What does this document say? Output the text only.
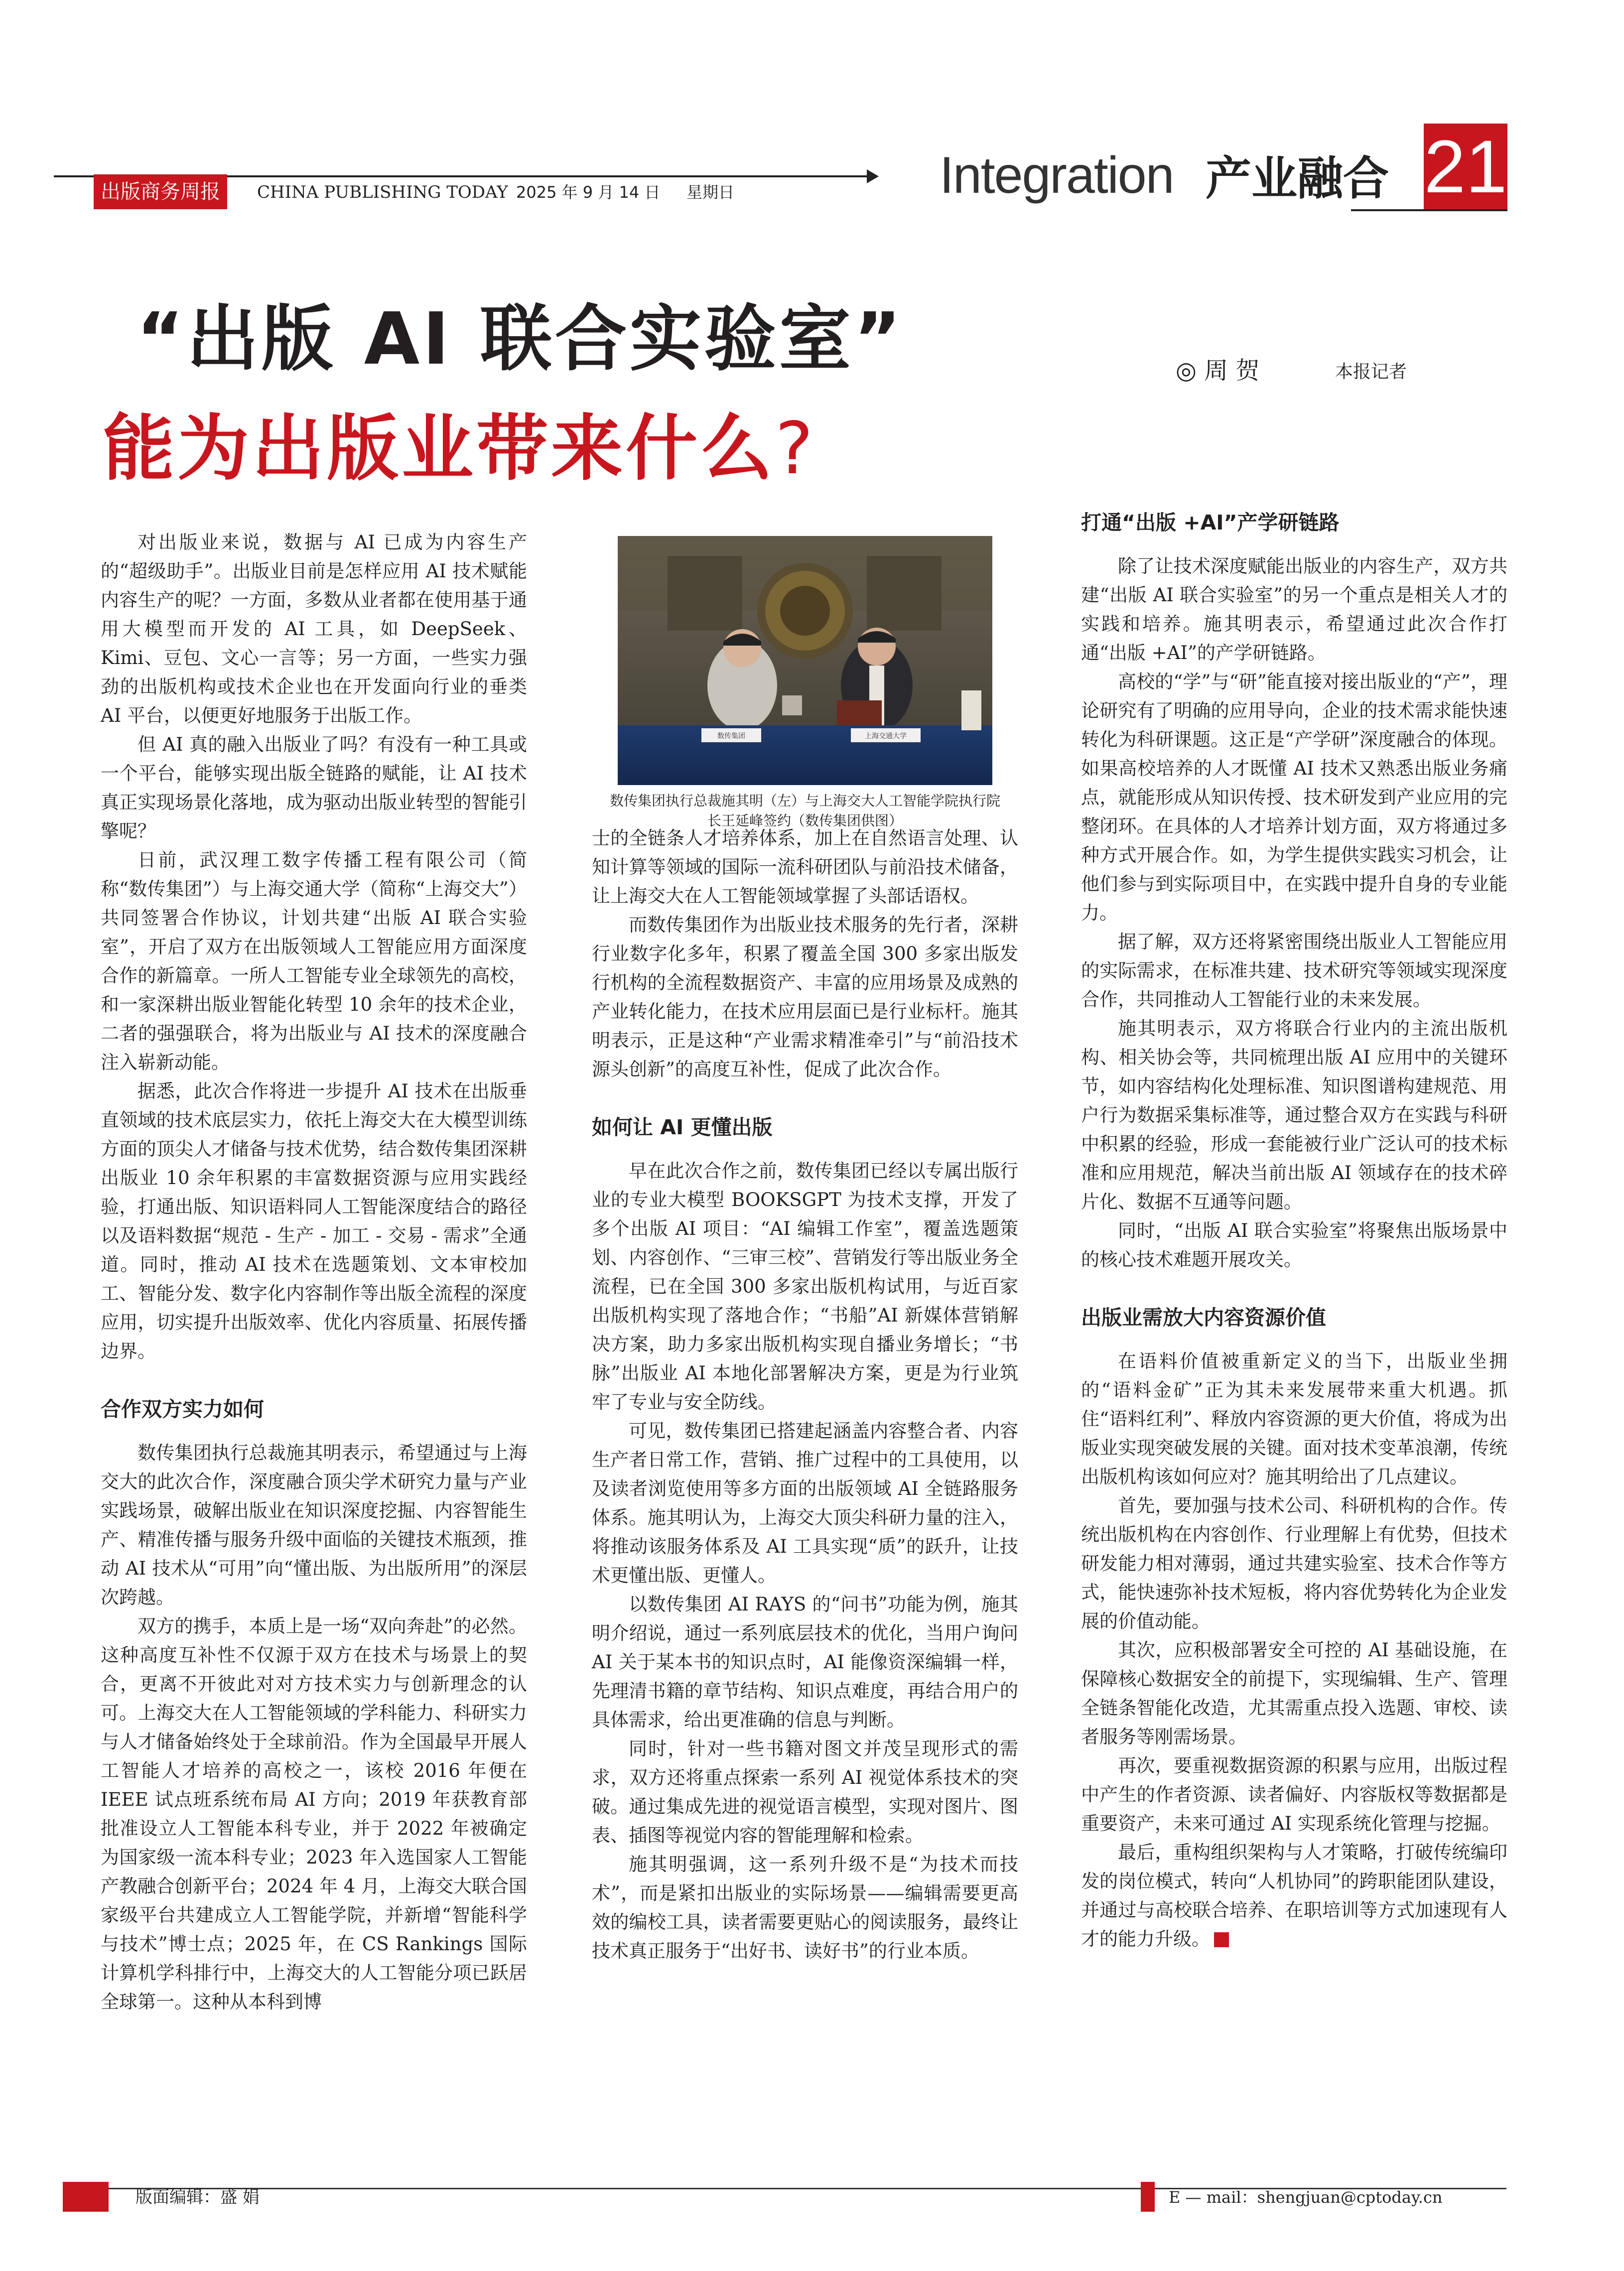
出版商务周报	CHINA PUBLISHING TODAY 2025 年 9 月 14 日 星期日	Integration 产业融合 21
“出版 AI 联合实验室”
能为出版业带来什么?
◎ 周 贺	本报记者

对出版业来说，数据与 AI 已成为内容生产的“超级助手”。出版业目前是怎样应用 AI 技术赋能内容生产的呢？一方面，多数从业者都在使用基于通用大模型而开发的 AI 工具，如 DeepSeek、Kimi、豆包、文心一言等；另一方面，一些实力强劲的出版机构或技术企业也在开发面向行业的垂类 AI 平台，以便更好地服务于出版工作。

但 AI 真的融入出版业了吗？有没有一种工具或一个平台，能够实现出版全链路的赋能，让 AI 技术真正实现场景化落地，成为驱动出版业转型的智能引擎呢？

日前，武汉理工数字传播工程有限公司（简称“数传集团”）与上海交通大学（简称“上海交大”）共同签署合作协议，计划共建“出版 AI 联合实验室”，开启了双方在出版领域人工智能应用方面深度合作的新篇章。一所人工智能专业全球领先的高校，和一家深耕出版业智能化转型 10 余年的技术企业，二者的强强联合，将为出版业与 AI 技术的深度融合注入崭新动能。

据悉，此次合作将进一步提升 AI 技术在出版垂直领域的技术底层实力，依托上海交大在大模型训练方面的顶尖人才储备与技术优势，结合数传集团深耕出版业 10 余年积累的丰富数据资源与应用实践经验，打通出版、知识语料同人工智能深度结合的路径以及语料数据“规范 - 生产 - 加工 - 交易 - 需求”全通道。同时，推动 AI 技术在选题策划、文本审校加工、智能分发、数字化内容制作等出版全流程的深度应用，切实提升出版效率、优化内容质量、拓展传播边界。

合作双方实力如何

数传集团执行总裁施其明表示，希望通过与上海交大的此次合作，深度融合顶尖学术研究力量与产业实践场景，破解出版业在知识深度挖掘、内容智能生产、精准传播与服务升级中面临的关键技术瓶颈，推动 AI 技术从“可用”向“懂出版、为出版所用”的深层次跨越。

双方的携手，本质上是一场“双向奔赴”的必然。这种高度互补性不仅源于双方在技术与场景上的契合，更离不开彼此对对方技术实力与创新理念的认可。上海交大在人工智能领域的学科能力、科研实力与人才储备始终处于全球前沿。作为全国最早开展人工智能人才培养的高校之一，该校 2016 年便在 IEEE 试点班系统布局 AI 方向；2019 年获教育部批准设立人工智能本科专业，并于 2022 年被确定为国家级一流本科专业；2023 年入选国家人工智能产教融合创新平台；2024 年 4 月，上海交大联合国家级平台共建成立人工智能学院，并新增“智能科学与技术”博士点；2025 年，在 CS Rankings 国际计算机学科排行中，上海交大的人工智能分项已跃居全球第一。这种从本科到博

数传集团	上海交通大学
数传集团执行总裁施其明（左）与上海交大人工智能学院执行院
长王延峰签约（数传集团供图）

士的全链条人才培养体系，加上在自然语言处理、认知计算等领域的国际一流科研团队与前沿技术储备，让上海交大在人工智能领域掌握了头部话语权。

而数传集团作为出版业技术服务的先行者，深耕行业数字化多年，积累了覆盖全国 300 多家出版发行机构的全流程数据资产、丰富的应用场景及成熟的产业转化能力，在技术应用层面已是行业标杆。施其明表示，正是这种“产业需求精准牵引”与“前沿技术源头创新”的高度互补性，促成了此次合作。

如何让 AI 更懂出版

早在此次合作之前，数传集团已经以专属出版行业的专业大模型 BOOKSGPT 为技术支撑，开发了多个出版 AI 项目：“AI 编辑工作室”，覆盖选题策划、内容创作、“三审三校”、营销发行等出版业务全流程，已在全国 300 多家出版机构试用，与近百家出版机构实现了落地合作；“书船”AI 新媒体营销解决方案，助力多家出版机构实现自播业务增长；“书脉”出版业 AI 本地化部署解决方案，更是为行业筑牢了专业与安全防线。

可见，数传集团已搭建起涵盖内容整合者、内容生产者日常工作，营销、推广过程中的工具使用，以及读者浏览使用等多方面的出版领域 AI 全链路服务体系。施其明认为，上海交大顶尖科研力量的注入，将推动该服务体系及 AI 工具实现“质”的跃升，让技术更懂出版、更懂人。

以数传集团 AI RAYS 的“问书”功能为例，施其明介绍说，通过一系列底层技术的优化，当用户询问 AI 关于某本书的知识点时，AI 能像资深编辑一样，先理清书籍的章节结构、知识点难度，再结合用户的具体需求，给出更准确的信息与判断。

同时，针对一些书籍对图文并茂呈现形式的需求，双方还将重点探索一系列 AI 视觉体系技术的突破。通过集成先进的视觉语言模型，实现对图片、图表、插图等视觉内容的智能理解和检索。

施其明强调，这一系列升级不是“为技术而技术”，而是紧扣出版业的实际场景——编辑需要更高效的编校工具，读者需要更贴心的阅读服务，最终让技术真正服务于“出好书、读好书”的行业本质。

打通“出版 +AI”产学研链路

除了让技术深度赋能出版业的内容生产，双方共建“出版 AI 联合实验室”的另一个重点是相关人才的实践和培养。施其明表示，希望通过此次合作打通“出版 +AI”的产学研链路。

高校的“学”与“研”能直接对接出版业的“产”，理论研究有了明确的应用导向，企业的技术需求能快速转化为科研课题。这正是“产学研”深度融合的体现。如果高校培养的人才既懂 AI 技术又熟悉出版业务痛点，就能形成从知识传授、技术研发到产业应用的完整闭环。在具体的人才培养计划方面，双方将通过多种方式开展合作。如，为学生提供实践实习机会，让他们参与到实际项目中，在实践中提升自身的专业能力。

据了解，双方还将紧密围绕出版业人工智能应用的实际需求，在标准共建、技术研究等领域实现深度合作，共同推动人工智能行业的未来发展。

施其明表示，双方将联合行业内的主流出版机构、相关协会等，共同梳理出版 AI 应用中的关键环节，如内容结构化处理标准、知识图谱构建规范、用户行为数据采集标准等，通过整合双方在实践与科研中积累的经验，形成一套能被行业广泛认可的技术标准和应用规范，解决当前出版 AI 领域存在的技术碎片化、数据不互通等问题。

同时，“出版 AI 联合实验室”将聚焦出版场景中的核心技术难题开展攻关。

出版业需放大内容资源价值

在语料价值被重新定义的当下，出版业坐拥的“语料金矿”正为其未来发展带来重大机遇。抓住“语料红利”、释放内容资源的更大价值，将成为出版业实现突破发展的关键。面对技术变革浪潮，传统出版机构该如何应对？施其明给出了几点建议。

首先，要加强与技术公司、科研机构的合作。传统出版机构在内容创作、行业理解上有优势，但技术研发能力相对薄弱，通过共建实验室、技术合作等方式，能快速弥补技术短板，将内容优势转化为企业发展的价值动能。

其次，应积极部署安全可控的 AI 基础设施，在保障核心数据安全的前提下，实现编辑、生产、管理全链条智能化改造，尤其需重点投入选题、审校、读者服务等刚需场景。

再次，要重视数据资源的积累与应用，出版过程中产生的作者资源、读者偏好、内容版权等数据都是重要资产，未来可通过 AI 实现系统化管理与挖掘。

最后，重构组织架构与人才策略，打破传统编印发的岗位模式，转向“人机协同”的跨职能团队建设，并通过与高校联合培养、在职培训等方式加速现有人才的能力升级。

版面编辑：盛 娟	E — mail：shengjuan@cptoday.cn
